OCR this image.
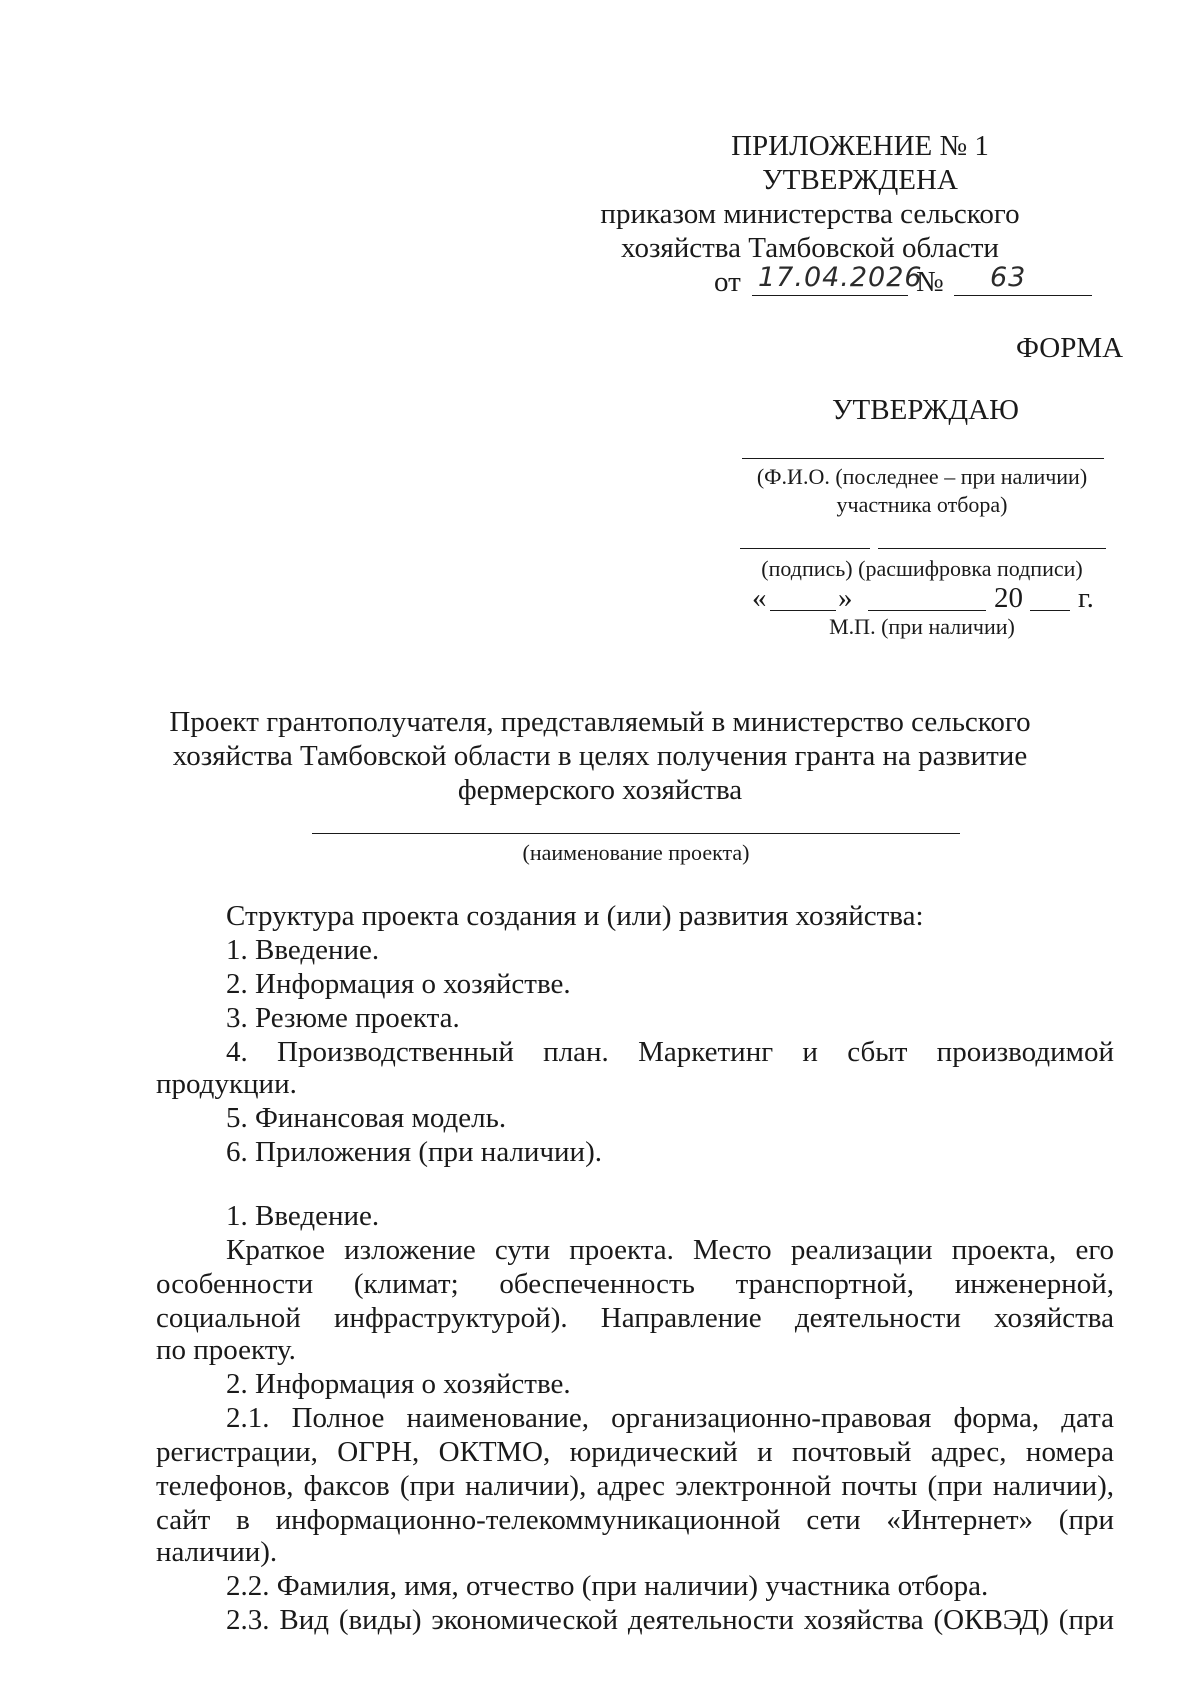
ПРИЛОЖЕНИЕ № 1
УТВЕРЖДЕНА
приказом министерства сельского
хозяйства Тамбовской области
от 17.04.2026
№ 63
ФОРМА
УТВЕРЖДАЮ
(Ф.И.О. (последнее – при наличии)
участника отбора)
(подпись) (расшифровка подписи)
« »	20 г.
М.П. (при наличии)
Проект грантополучателя, представляемый в министерство сельского
хозяйства Тамбовской области в целях получения гранта на развитие
фермерского хозяйства
(наименование проекта)
Структура проекта создания и (или) развития хозяйства:
1. Введение.
2. Информация о хозяйстве.
3. Резюме проекта.
4. Производственный план. Маркетинг и сбыт производимой
продукции.
5. Финансовая модель.
6. Приложения (при наличии).
1. Введение.
Краткое изложение сути проекта. Место реализации проекта, его
особенности (климат; обеспеченность транспортной, инженерной,
социальной инфраструктурой). Направление деятельности хозяйства
по проекту.
2. Информация о хозяйстве.
2.1. Полное наименование, организационно-правовая форма, дата
регистрации, ОГРН, ОКТМО, юридический и почтовый адрес, номера
телефонов, факсов (при наличии), адрес электронной почты (при наличии),
сайт в информационно-телекоммуникационной сети «Интернет» (при
наличии).
2.2. Фамилия, имя, отчество (при наличии) участника отбора.
2.3. Вид (виды) экономической деятельности хозяйства (ОКВЭД) (при
